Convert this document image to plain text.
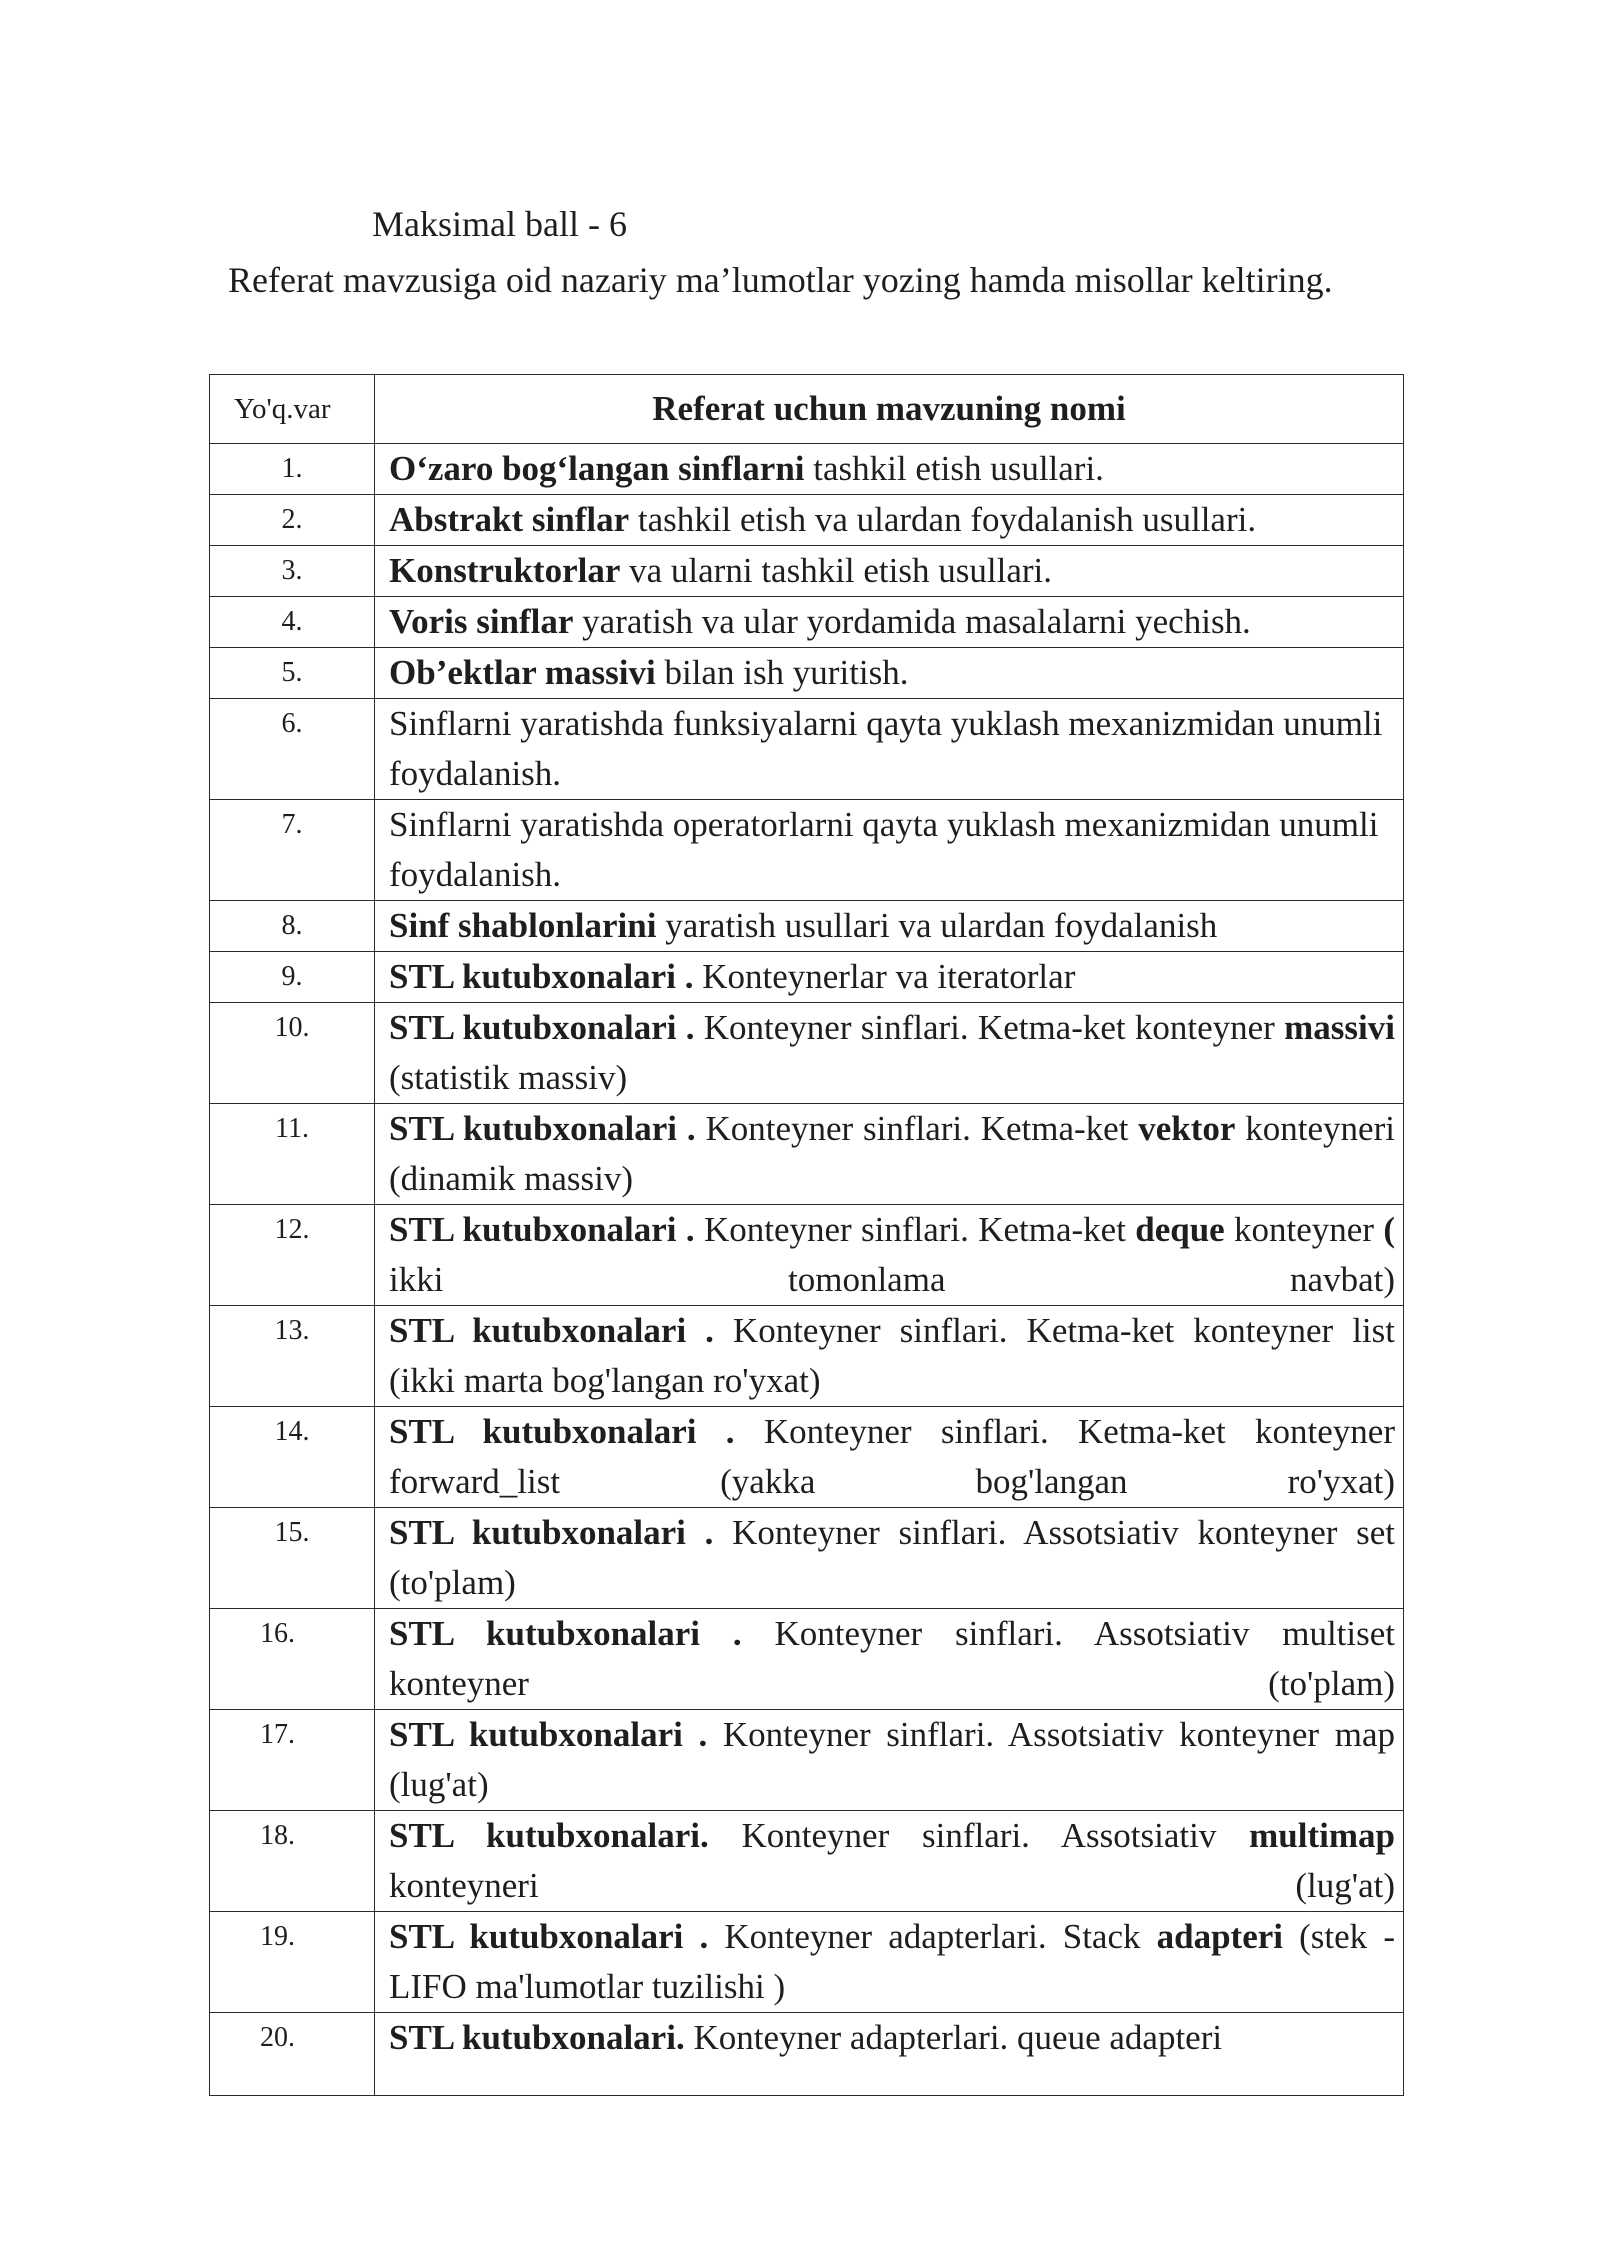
Maksimal ball - 6
Referat mavzusiga oid nazariy ma’lumotlar yozing hamda misollar keltiring.
Yo'q.var	Referat uchun mavzuning nomi
1.	O‘zaro bog‘langan sinflarni tashkil etish usullari.
2.	Abstrakt sinflar tashkil etish va ulardan foydalanish usullari.
3.	Konstruktorlar va ularni tashkil etish usullari.
4.	Voris sinflar yaratish va ular yordamida masalalarni yechish.
5.	Ob’ektlar massivi bilan ish yuritish.
6.	Sinflarni yaratishda funksiyalarni qayta yuklash mexanizmidan unumli foydalanish.
7.	Sinflarni yaratishda operatorlarni qayta yuklash mexanizmidan unumli foydalanish.
8.	Sinf shablonlarini yaratish usullari va ulardan foydalanish
9.	STL kutubxonalari . Konteynerlar va iteratorlar
10.	STL kutubxonalari . Konteyner sinflari. Ketma-ket konteyner massivi (statistik massiv)
11.	STL kutubxonalari . Konteyner sinflari. Ketma-ket vektor konteyneri (dinamik massiv)
12.	STL kutubxonalari . Konteyner sinflari. Ketma-ket deque konteyner ( ikki tomonlama navbat)
13.	STL kutubxonalari . Konteyner sinflari. Ketma-ket konteyner list (ikki marta bog'langan ro'yxat)
14.	STL kutubxonalari . Konteyner sinflari. Ketma-ket konteyner forward_list (yakka bog'langan ro'yxat)
15.	STL kutubxonalari . Konteyner sinflari. Assotsiativ konteyner set (to'plam)
16.	STL kutubxonalari . Konteyner sinflari. Assotsiativ multiset konteyner (to'plam)
17.	STL kutubxonalari . Konteyner sinflari. Assotsiativ konteyner map (lug'at)
18.	STL kutubxonalari. Konteyner sinflari. Assotsiativ multimap konteyneri (lug'at)
19.	STL kutubxonalari . Konteyner adapterlari. Stack adapteri (stek - LIFO ma'lumotlar tuzilishi )
20.	STL kutubxonalari. Konteyner adapterlari. queue adapteri
